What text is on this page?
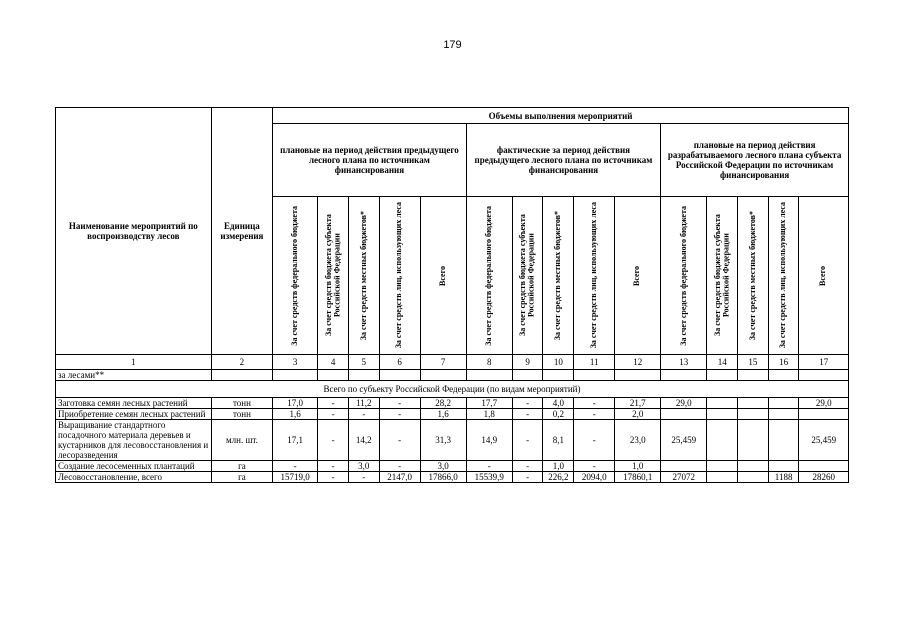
179
Наименование мероприятий по воспроизводству лесов	Единица измерения	Объемы выполнения мероприятий														
		плановые на период действия предыдущего лесного плана по источникам финансирования					фактические за период действия предыдущего лесного плана по источникам финансирования					плановые на период действия разрабатываемого лесного плана субъекта Российской Федерации по источникам финансирования				

		За счет средств федерального бюджета	За счет средств бюджета субъекта Российской Федерации	За счет средств местных бюджетов*	За счет средств лиц, использующих леса	Всего	За счет средств федерального бюджета	За счет средств бюджета субъекта Российской Федерации	За счет средств местных бюджетов*	За счет средств лиц, использующих леса	Всего	За счет средств федерального бюджета	За счет средств бюджета субъекта Российской Федерации	За счет средств местных бюджетов*	За счет средств лиц, использующих леса	Всего

1	2	3	4	5	6	7	8	9	10	11	12	13	14	15	16	17
за лесами**																
Всего по субъекту Российской Федерации (по видам мероприятий)																
Заготовка семян лесных растений	тонн	17,0	-	11,2	-	28,2	17,7	-	4,0	-	21,7	29,0				29,0
Приобретение семян лесных растений	тонн	1,6	-	-	-	1,6	1,8	-	0,2	-	2,0					
Выращивание стандартного посадочного материала деревьев и кустарников для лесовосстановления и лесоразведения	млн. шт.	17,1	-	14,2	-	31,3	14,9	-	8,1	-	23,0	25,459				25,459
Создание лесосеменных плантаций	га	-	-	3,0	-	3,0	-	-	1,0	-	1,0					
Лесовосстановление, всего	га	15719,0	-	-	2147,0	17866,0	15539,9	-	226,2	2094,0	17860,1	27072			1188	28260
